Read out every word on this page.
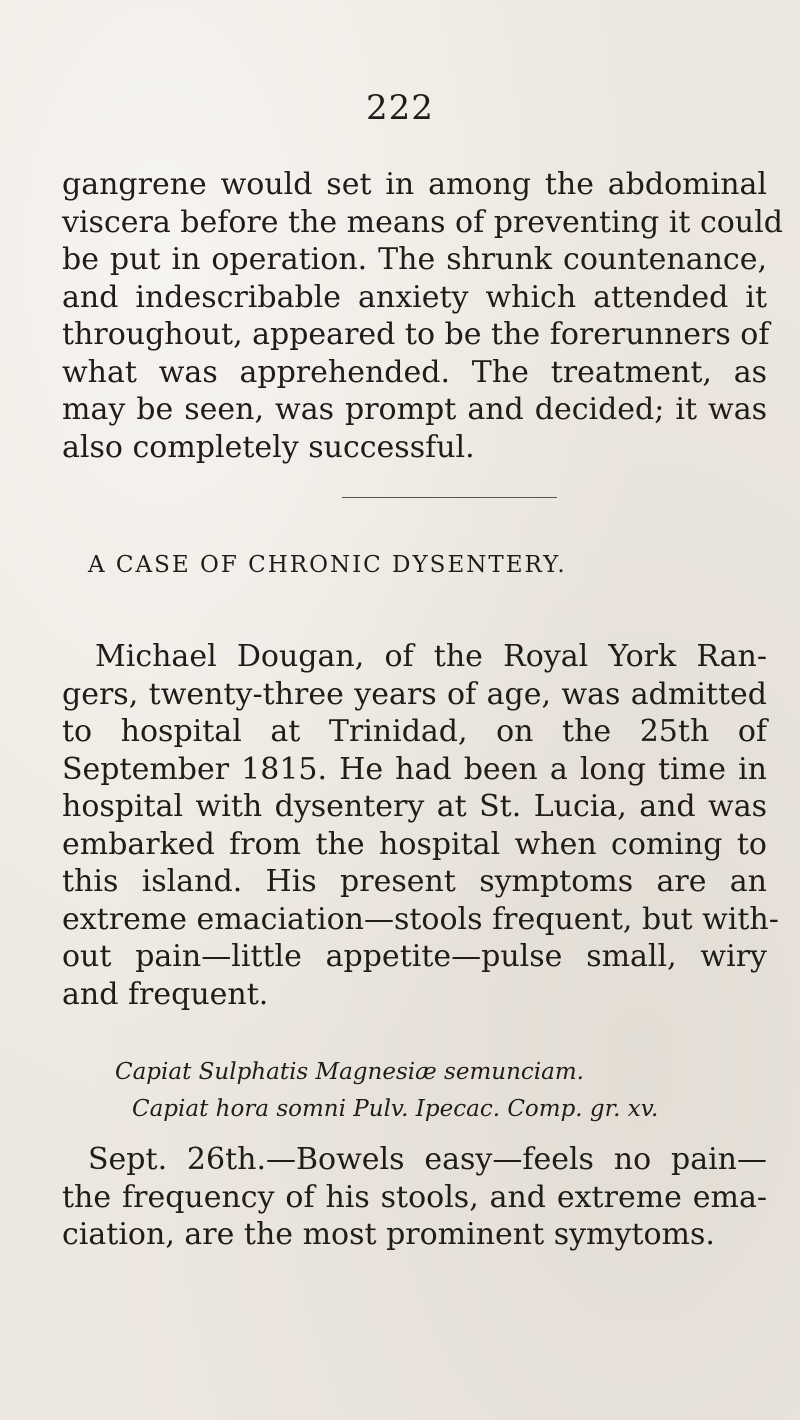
222
gangrene would set in among the abdominal
viscera before the means of preventing it could
be put in operation. The shrunk countenance,
and indescribable anxiety which attended it
throughout, appeared to be the forerunners of
what was apprehended. The treatment, as
may be seen, was prompt and decided; it was
also completely successful.
A CASE OF CHRONIC DYSENTERY.
Michael Dougan, of the Royal York Ran-
gers, twenty-three years of age, was admitted
to hospital at Trinidad, on the 25th of
September 1815. He had been a long time in
hospital with dysentery at St. Lucia, and was
embarked from the hospital when coming to
this island. His present symptoms are an
extreme emaciation—stools frequent, but with-
out pain—little appetite—pulse small, wiry
and frequent.
Capiat Sulphatis Magnesiæ semunciam.
Capiat hora somni Pulv. Ipecac. Comp. gr. xv.
Sept. 26th.—Bowels easy—feels no pain—
the frequency of his stools, and extreme ema-
ciation, are the most prominent symytoms.
